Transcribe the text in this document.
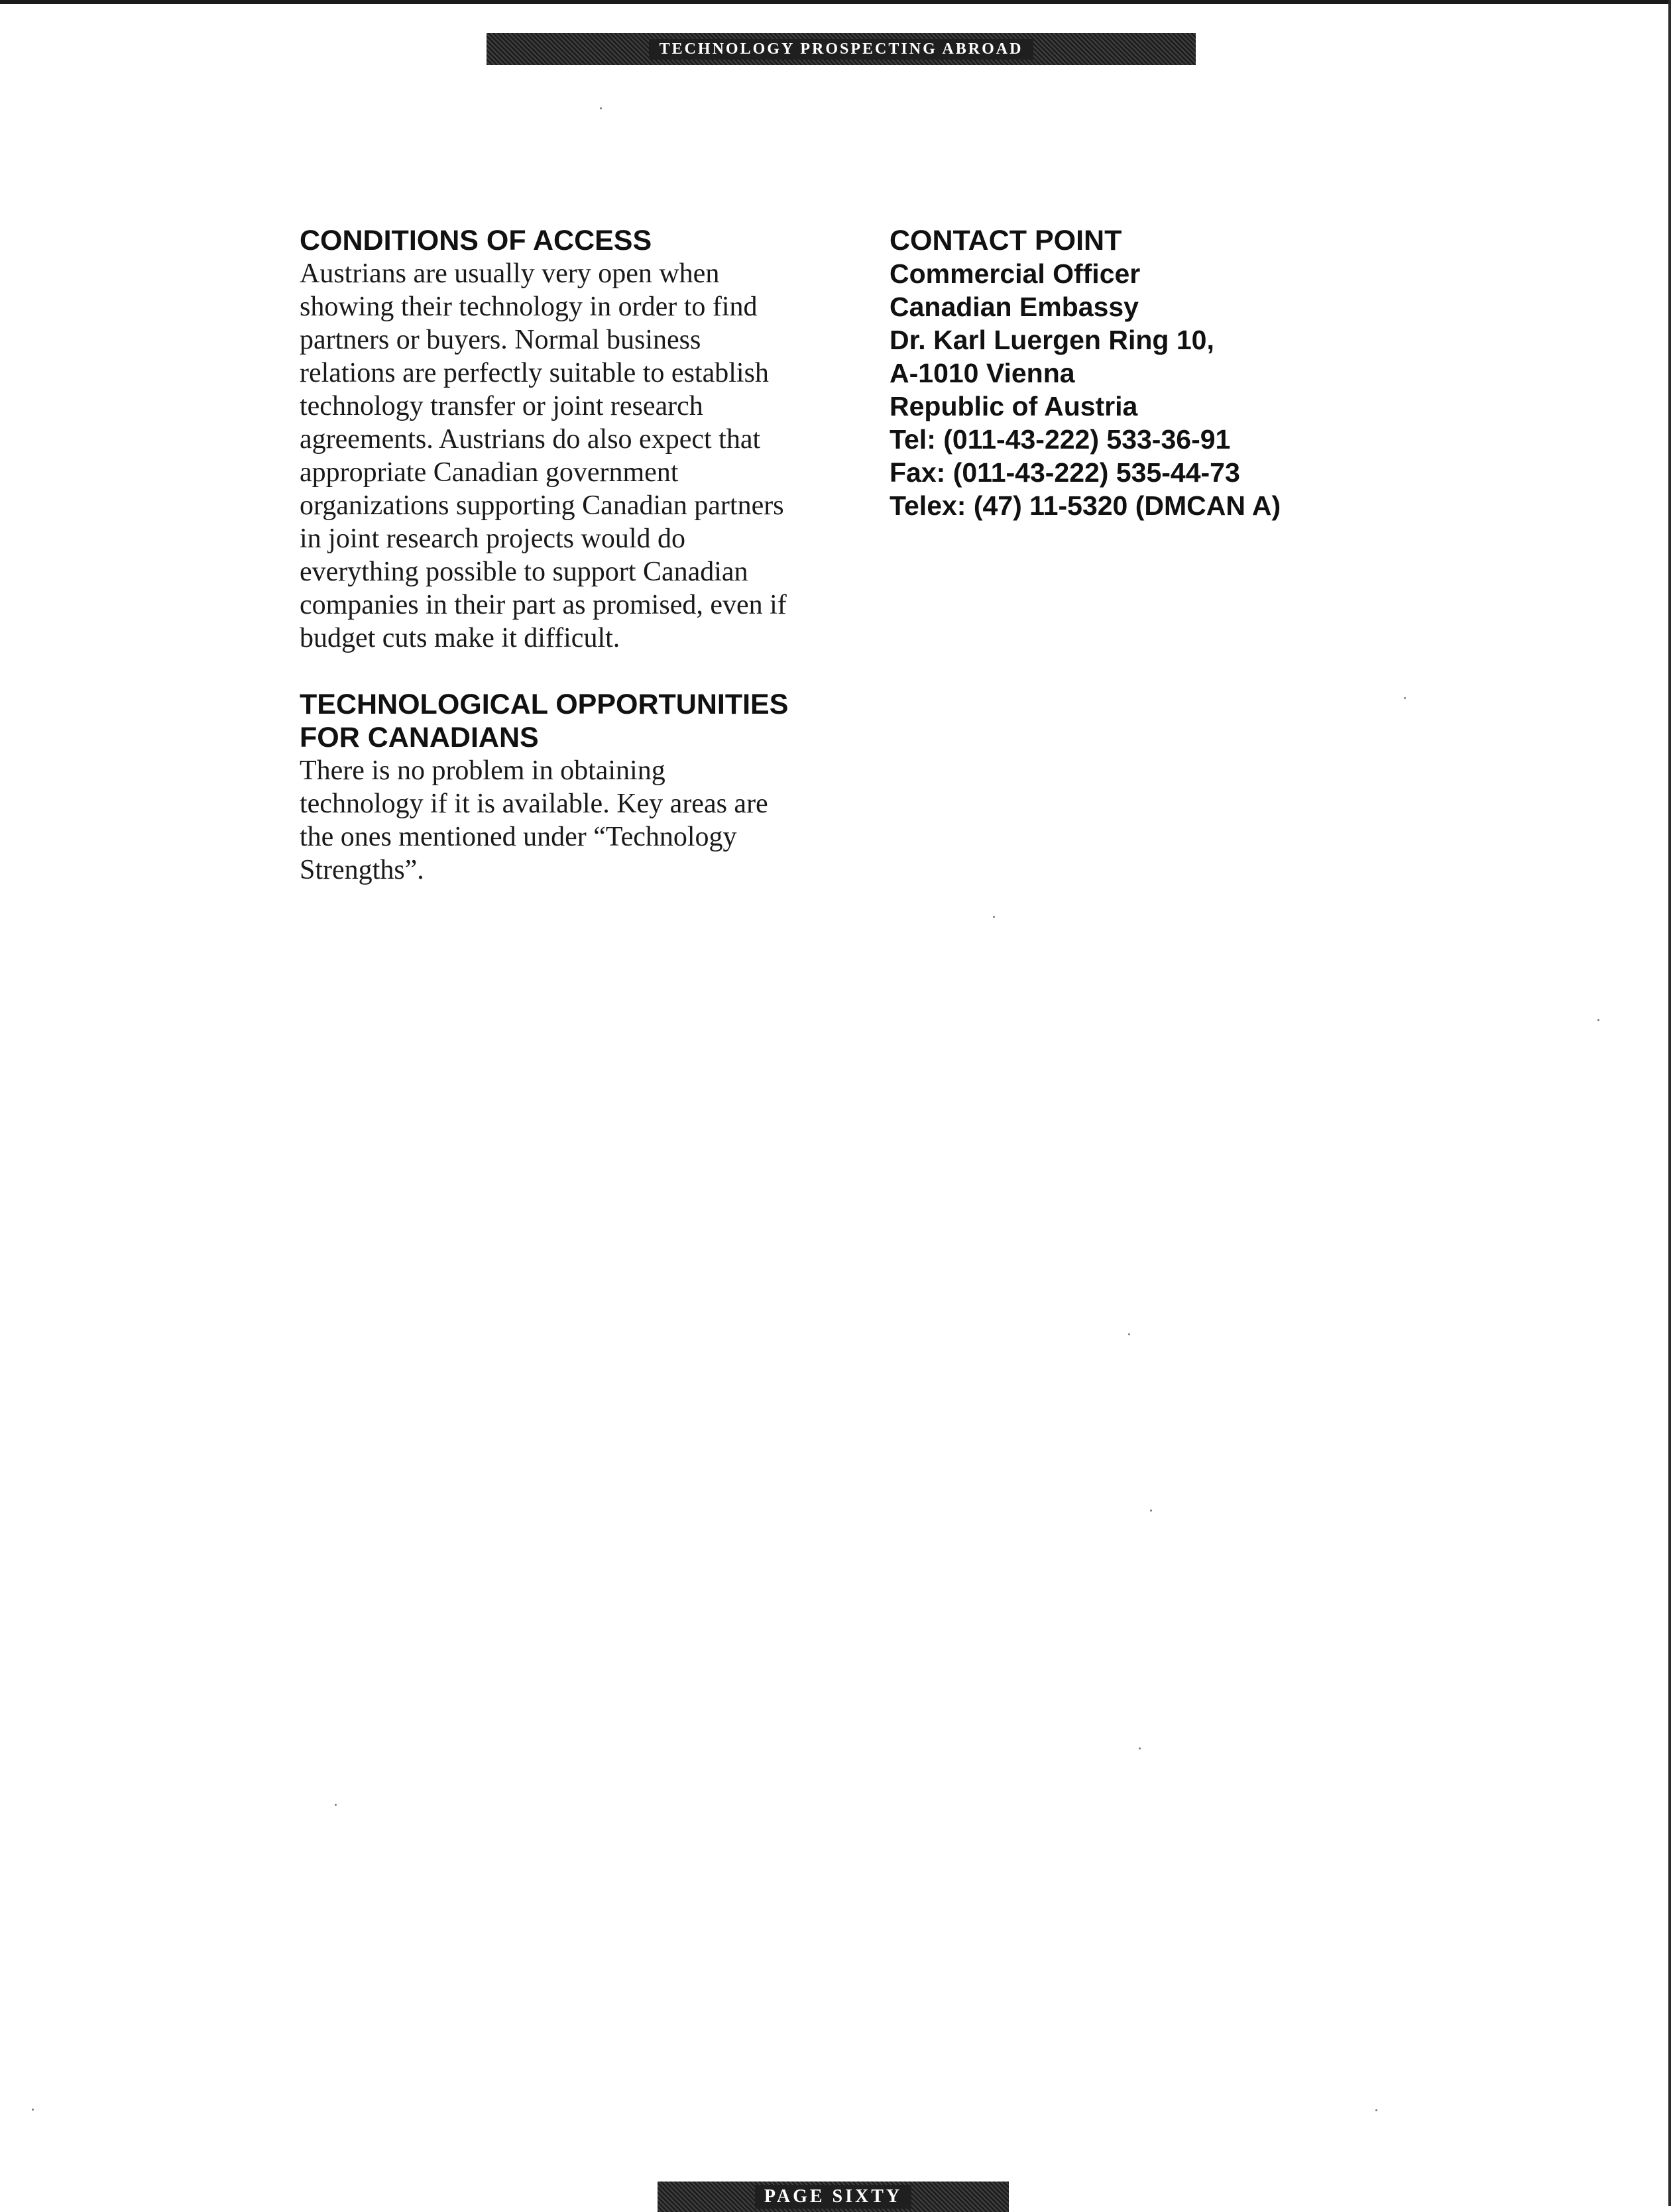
TECHNOLOGY PROSPECTING ABROAD
CONDITIONS OF ACCESS

Austrians are usually very open when showing their technology in order to find partners or buyers. Normal business relations are perfectly suitable to establish technology transfer or joint research agreements. Austrians do also expect that appropriate Canadian government organizations supporting Canadian partners in joint research projects would do everything possible to support Canadian companies in their part as promised, even if budget cuts make it difficult.

TECHNOLOGICAL OPPORTUNITIES FOR CANADIANS

There is no problem in obtaining technology if it is available. Key areas are the ones mentioned under “Technology Strengths”.

CONTACT POINT
Commercial Officer
Canadian Embassy
Dr. Karl Luergen Ring 10,
A-1010 Vienna
Republic of Austria
Tel: (011-43-222) 533-36-91
Fax: (011-43-222) 535-44-73
Telex: (47) 11-5320 (DMCAN A)
PAGE SIXTY
